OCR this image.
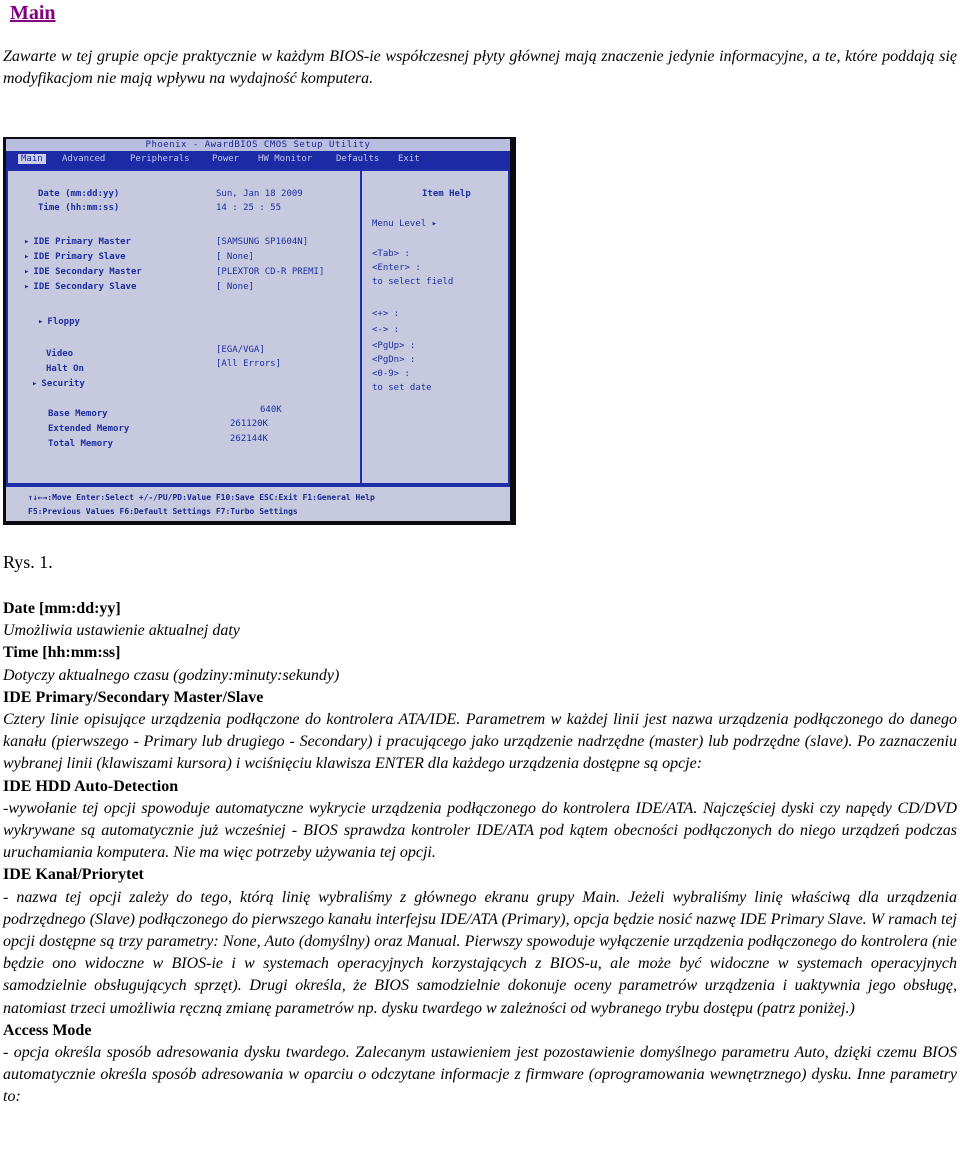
Main

Zawarte w tej grupie opcje praktycznie w każdym BIOS-ie współczesnej płyty głównej mają znaczenie jedynie informacyjne, a te, które poddają się modyfikacjom nie mają wpływu na wydajność komputera.

Phoenix - AwardBIOS CMOS Setup Utility
Main	Advanced	Peripherals Power HW Monitor	Defaults Exit
Date (mm:dd:yy)	Sun, Jan 18 2009
Time (hh:mm:ss)	14 : 25 : 55
▸ IDE Primary Master	[SAMSUNG SP1604N]
▸ IDE Primary Slave	[ None]
▸ IDE Secondary Master	[PLEXTOR CD-R PREMI]
▸ IDE Secondary Slave	[ None]
▸ Floppy
Video	[EGA/VGA]
Halt On	[All Errors]
▸ Security
Base Memory	640K
Extended Memory	261120K
Total Memory	262144K
Item Help
Menu Level ▸
<Tab> :
<Enter> :
to select field
<+> :
<-> :
<PgUp> :
<PgDn> :
<0-9> :
to set date
↑↓←→:Move Enter:Select +/-/PU/PD:Value F10:Save ESC:Exit F1:General Help
F5:Previous Values F6:Default Settings F7:Turbo Settings
Rys. 1.

Date [mm:dd:yy]

Umożliwia ustawienie aktualnej daty

Time [hh:mm:ss]

Dotyczy aktualnego czasu (godziny:minuty:sekundy)

IDE Primary/Secondary Master/Slave

Cztery linie opisujące urządzenia podłączone do kontrolera ATA/IDE. Parametrem w każdej linii jest nazwa urządzenia podłączonego do danego kanału (pierwszego - Primary lub drugiego - Secondary) i pracującego jako urządzenie nadrzędne (master) lub podrzędne (slave). Po zaznaczeniu wybranej linii (klawiszami kursora) i wciśnięciu klawisza ENTER dla każdego urządzenia dostępne są opcje:

IDE HDD Auto-Detection

-wywołanie tej opcji spowoduje automatyczne wykrycie urządzenia podłączonego do kontrolera IDE/ATA. Najczęściej dyski czy napędy CD/DVD wykrywane są automatycznie już wcześniej - BIOS sprawdza kontroler IDE/ATA pod kątem obecności podłączonych do niego urządzeń podczas uruchamiania komputera. Nie ma więc potrzeby używania tej opcji.

IDE Kanał/Priorytet

- nazwa tej opcji zależy do tego, którą linię wybraliśmy z głównego ekranu grupy Main. Jeżeli wybraliśmy linię właściwą dla urządzenia podrzędnego (Slave) podłączonego do pierwszego kanału interfejsu IDE/ATA (Primary), opcja będzie nosić nazwę IDE Primary Slave. W ramach tej opcji dostępne są trzy parametry: None, Auto (domyślny) oraz Manual. Pierwszy spowoduje wyłączenie urządzenia podłączonego do kontrolera (nie będzie ono widoczne w BIOS-ie i w systemach operacyjnych korzystających z BIOS-u, ale może być widoczne w systemach operacyjnych samodzielnie obsługujących sprzęt). Drugi określa, że BIOS samodzielnie dokonuje oceny parametrów urządzenia i uaktywnia jego obsługę, natomiast trzeci umożliwia ręczną zmianę parametrów np. dysku twardego w zależności od wybranego trybu dostępu (patrz poniżej.)

Access Mode

- opcja określa sposób adresowania dysku twardego. Zalecanym ustawieniem jest pozostawienie domyślnego parametru Auto, dzięki czemu BIOS automatycznie określa sposób adresowania w oparciu o odczytane informacje z firmware (oprogramowania wewnętrznego) dysku. Inne parametry to:
